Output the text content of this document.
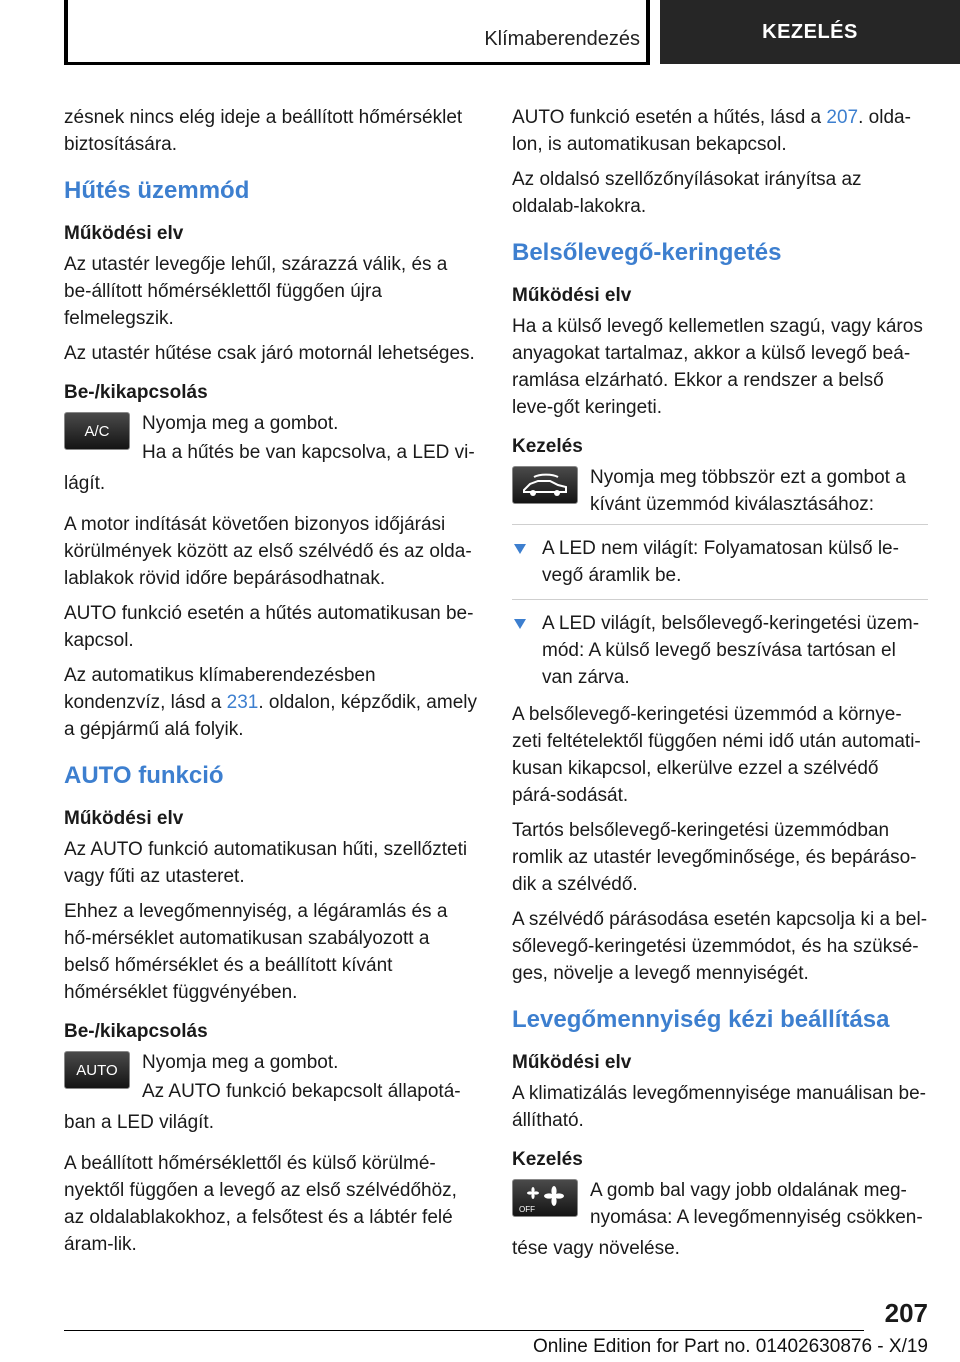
Klímaberendezés	KEZELÉS

zésnek nincs elég ideje a beállított hőmérséklet biztosítására.

Hűtés üzemmód
Működési elv

Az utastér levegője lehűl, szárazzá válik, és a be-állított hőmérséklettől függően újra felmelegszik.

Az utastér hűtése csak járó motornál lehetséges.

Be-/kikapcsolás
A/C	Nyomja meg a gombot.

Ha a hűtés be van kapcsolva, a LED vi-

lágít.

A motor indítását követően bizonyos időjárási körülmények között az első szélvédő és az olda-lablakok rövid időre bepárásodhatnak.

AUTO funkció esetén a hűtés automatikusan be-kapcsol.

Az automatikus klímaberendezésben kondenzvíz, lásd a 231. oldalon, képződik, amely a gépjármű alá folyik.

AUTO funkció
Működési elv

Az AUTO funkció automatikusan hűti, szellőzteti vagy fűti az utasteret.

Ehhez a levegőmennyiség, a légáramlás és a hő-mérséklet automatikusan szabályozott a belső hőmérséklet és a beállított kívánt hőmérséklet függvényében.

Be-/kikapcsolás
AUTO	Nyomja meg a gombot.

Az AUTO funkció bekapcsolt állapotá-

ban a LED világít.

A beállított hőmérséklettől és külső körülmé-nyektől függően a levegő az első szélvédőhöz, az oldalablakokhoz, a felsőtest és a lábtér felé áram-lik.

AUTO funkció esetén a hűtés, lásd a 207. olda-lon, is automatikusan bekapcsol.

Az oldalsó szellőzőnyílásokat irányítsa az oldalab-lakokra.

Belsőlevegő-keringetés
Működési elv

Ha a külső levegő kellemetlen szagú, vagy káros anyagokat tartalmaz, akkor a külső levegő beá-ramlása elzárható. Ekkor a rendszer a belső leve-gőt keringeti.

Kezelés

Nyomja meg többször ezt a gombot a kívánt üzemmód kiválasztásához:

A LED nem világít: Folyamatosan külső le-vegő áramlik be.
A LED világít, belsőlevegő-keringetési üzem-mód: A külső levegő beszívása tartósan el van zárva.

A belsőlevegő-keringetési üzemmód a környe-zeti feltételektől függően némi idő után automati-kusan kikapcsol, elkerülve ezzel a szélvédő párá-sodását.

Tartós belsőlevegő-keringetési üzemmódban romlik az utastér levegőminősége, és bepáráso-dik a szélvédő.

A szélvédő párásodása esetén kapcsolja ki a bel-sőlevegő-keringetési üzemmódot, és ha szüksé-ges, növelje a levegő mennyiségét.

Levegőmennyiség kézi beállítása
Működési elv

A klimatizálás levegőmennyisége manuálisan be-állítható.

Kezelés
OFF

A gomb bal vagy jobb oldalának meg-nyomása: A levegőmennyiség csökken-

tése vagy növelése.

207
Online Edition for Part no. 01402630876 - X/19
